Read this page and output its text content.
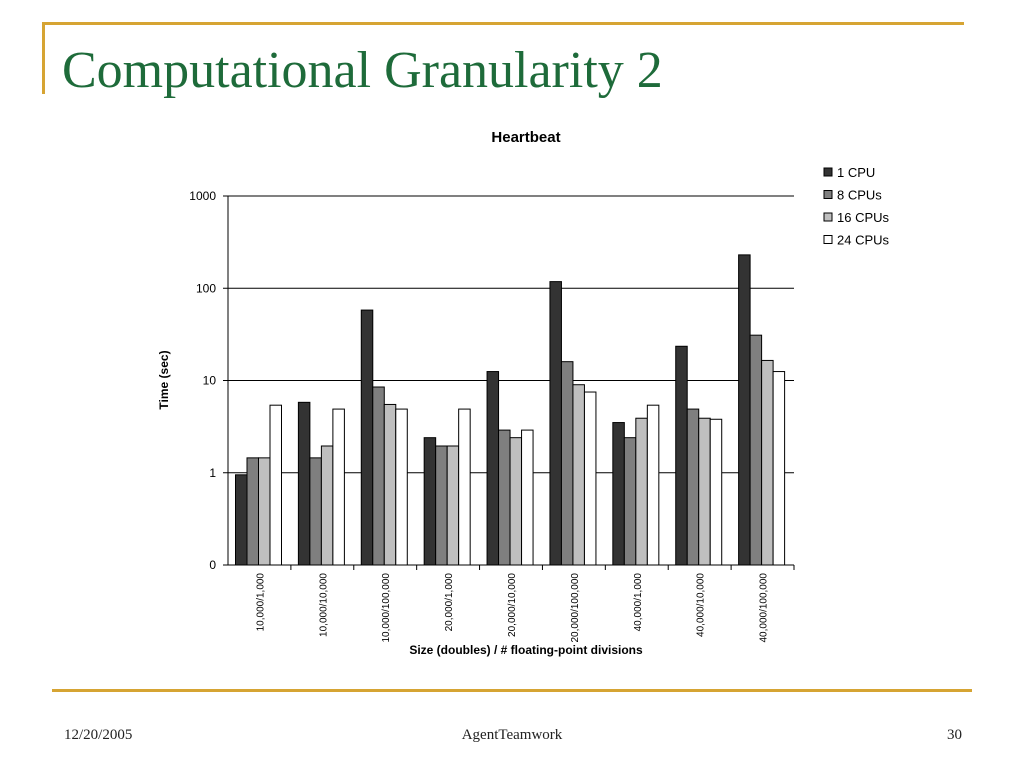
Computational Granularity 2
Heartbeat
0
1
10
100
1000
10,000/1,000	10,000/10,000	10,000/100,000	20,000/1,000	20,000/10,000	20,000/100,000	40,000/1,000	40,000/10,000	40,000/100,000
Size (doubles) / # floating-point divisions
Time (sec)
1 CPU
8 CPUs
16 CPUs
24 CPUs
12/20/2005	AgentTeamwork	30
